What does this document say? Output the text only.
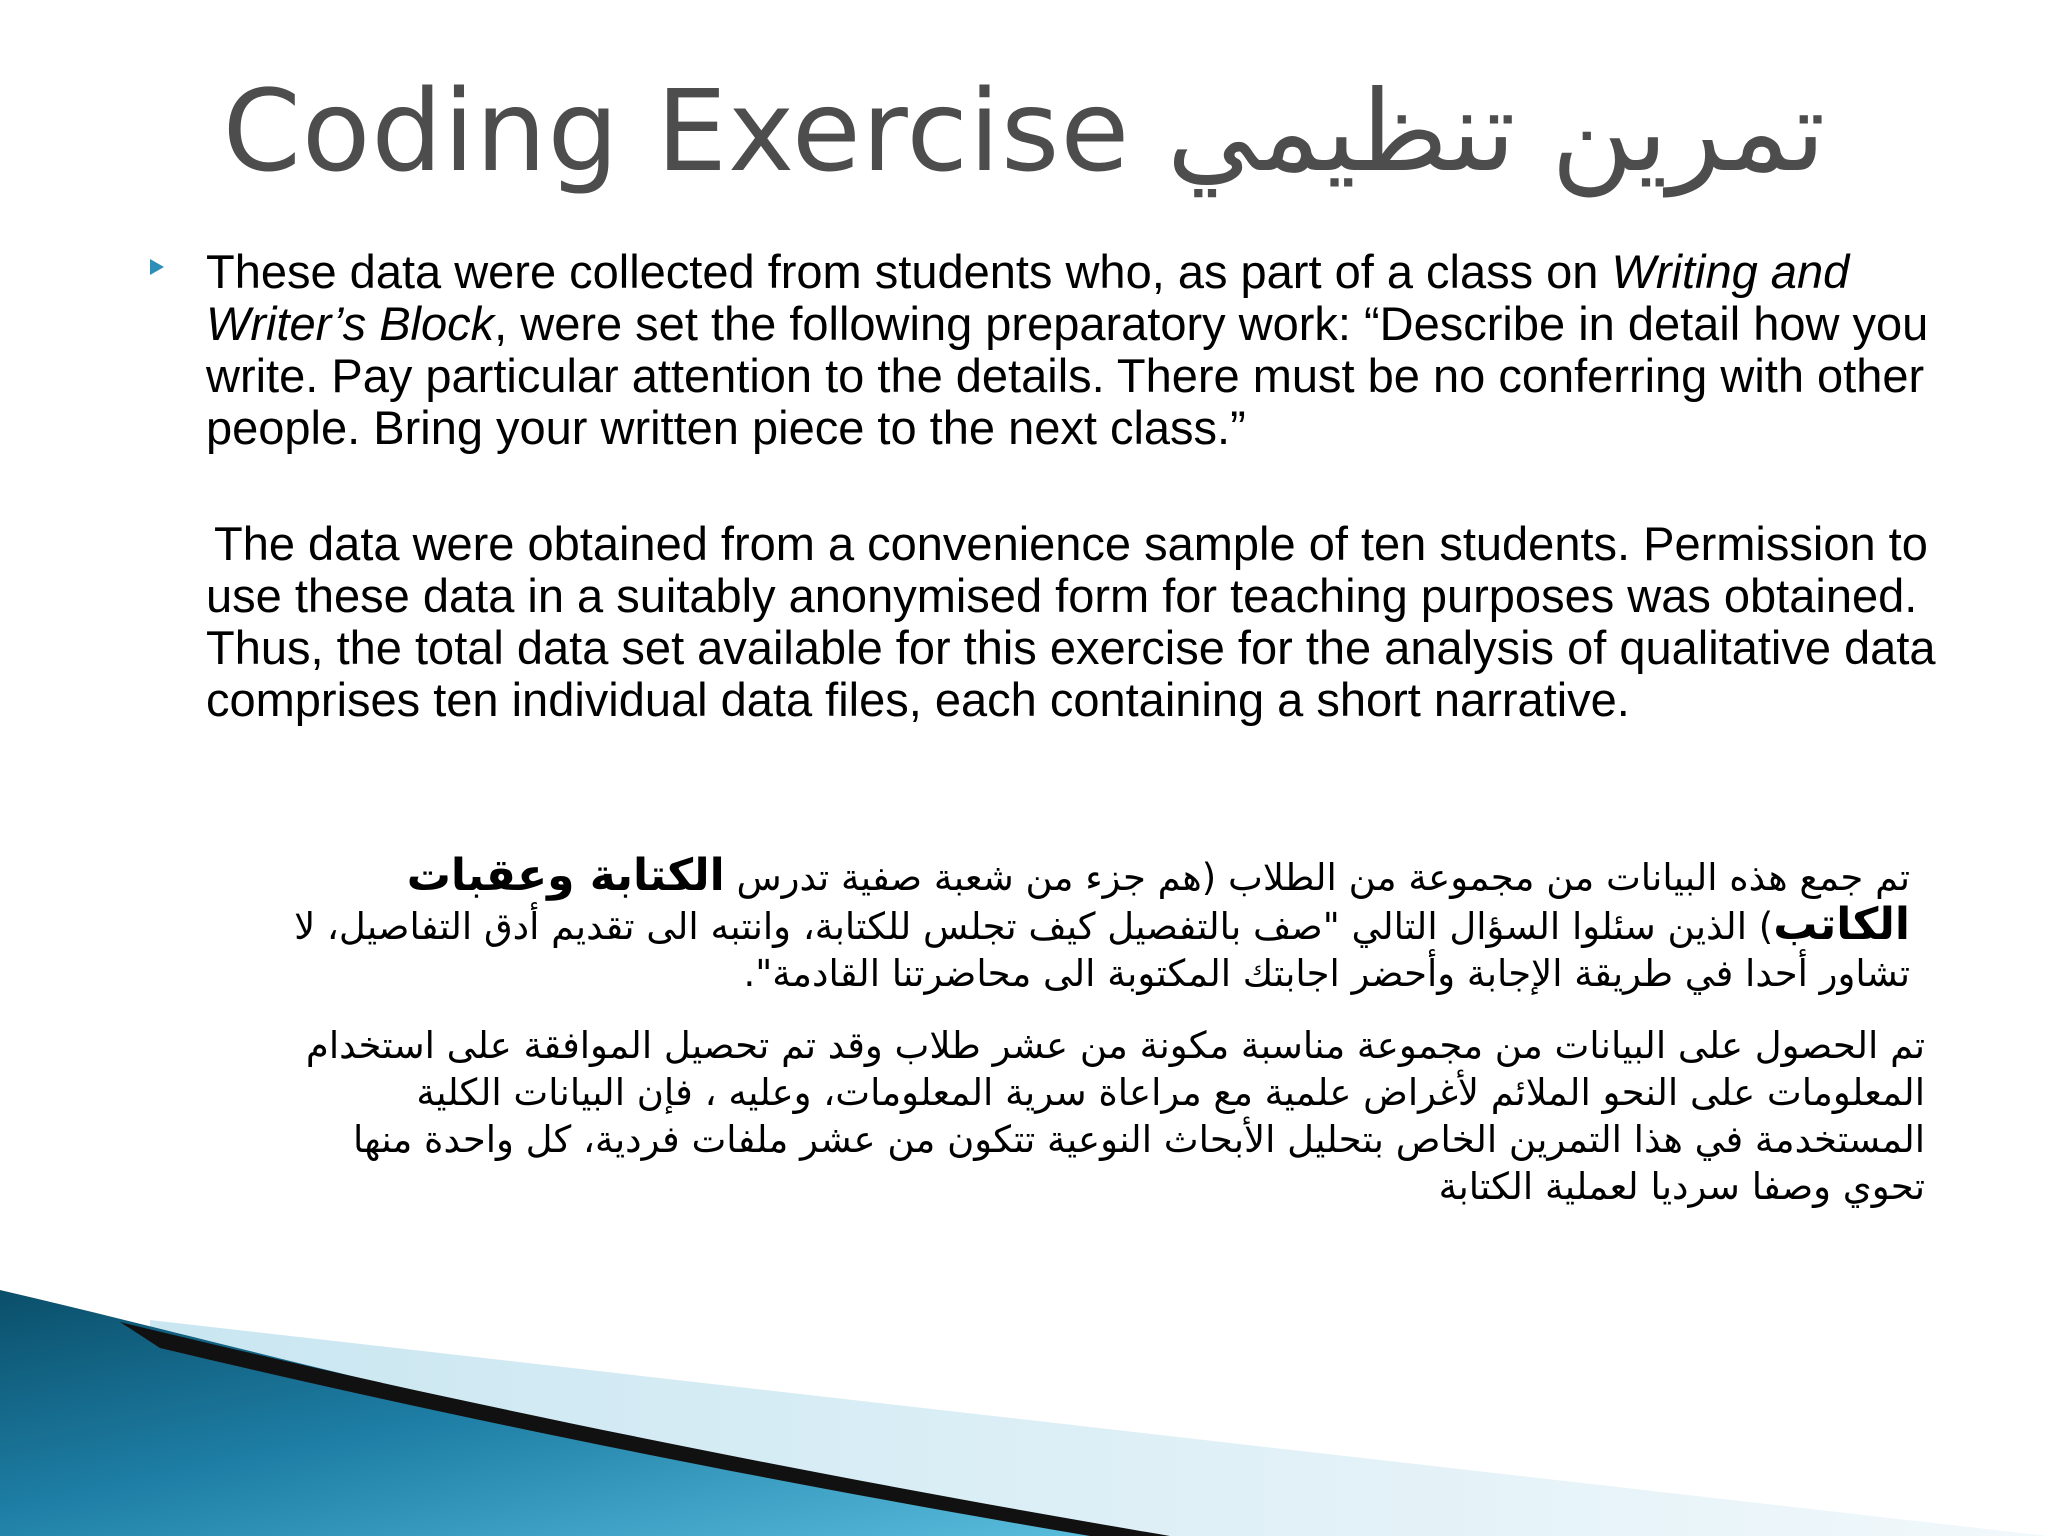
Coding Exercise تمرين تنظيمي

These data were collected from students who, as part of a class on Writing and Writer’s Block, were set the following preparatory work: “Describe in detail how you write. Pay particular attention to the details. There must be no conferring with other people. Bring your written piece to the next class.”

The data were obtained from a convenience sample of ten students. Permission to use these data in a suitably anonymised form for teaching purposes was obtained. Thus, the total data set available for this exercise for the analysis of qualitative data comprises ten individual data files, each containing a short narrative.

تم جمع هذه البيانات من مجموعة من الطلاب (هم جزء من شعبة صفية تدرس الكتابة وعقبات الكاتب) الذين سئلوا السؤال التالي "صف بالتفصيل كيف تجلس للكتابة، وانتبه الى تقديم أدق التفاصيل، لا تشاور أحدا في طريقة الإجابة وأحضر اجابتك المكتوبة الى محاضرتنا القادمة".

تم الحصول على البيانات من مجموعة مناسبة مكونة من عشر طلاب وقد تم تحصيل الموافقة على استخدام المعلومات على النحو الملائم لأغراض علمية مع مراعاة سرية المعلومات، وعليه ، فإن البيانات الكلية المستخدمة في هذا التمرين الخاص بتحليل الأبحاث النوعية تتكون من عشر ملفات فردية، كل واحدة منها تحوي وصفا سرديا لعملية الكتابة
